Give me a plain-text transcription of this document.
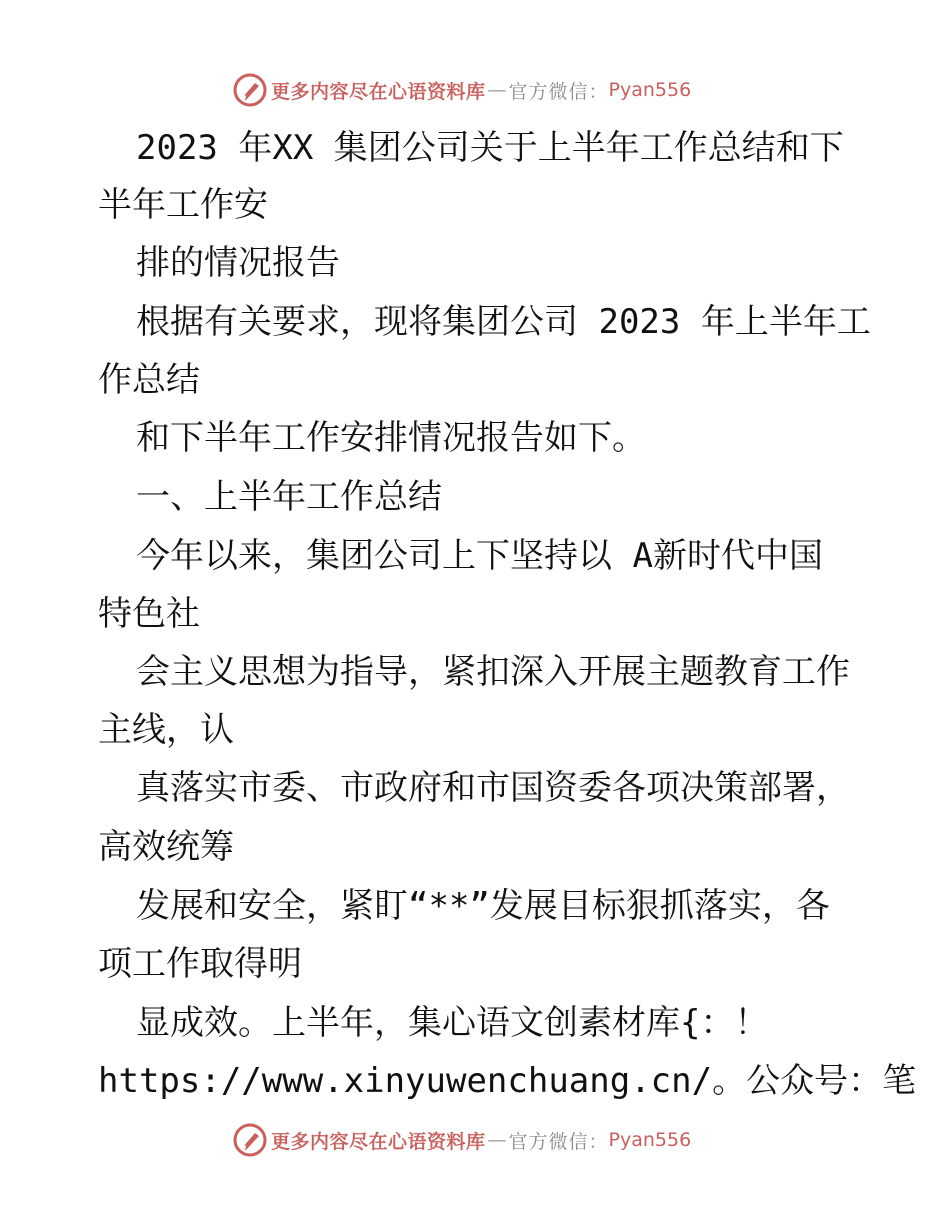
更多内容尽在心语资料库 — 官方微信： Pyan556
2023 年XX 集团公司关于上半年工作总结和下
半年工作安
排的情况报告
根据有关要求，现将集团公司 2023 年上半年工
作总结
和下半年工作安排情况报告如下。
一、上半年工作总结
今年以来，集团公司上下坚持以 A新时代中国
特色社
会主义思想为指导，紧扣深入开展主题教育工作
主线，认
真落实市委、市政府和市国资委各项决策部署，
高效统筹
发展和安全，紧盯“**”发展目标狠抓落实，各
项工作取得明
显成效。上半年，集心语文创素材库{：！
https://www.xinyuwenchuang.cn/。公众号：笔
更多内容尽在心语资料库 — 官方微信： Pyan556
